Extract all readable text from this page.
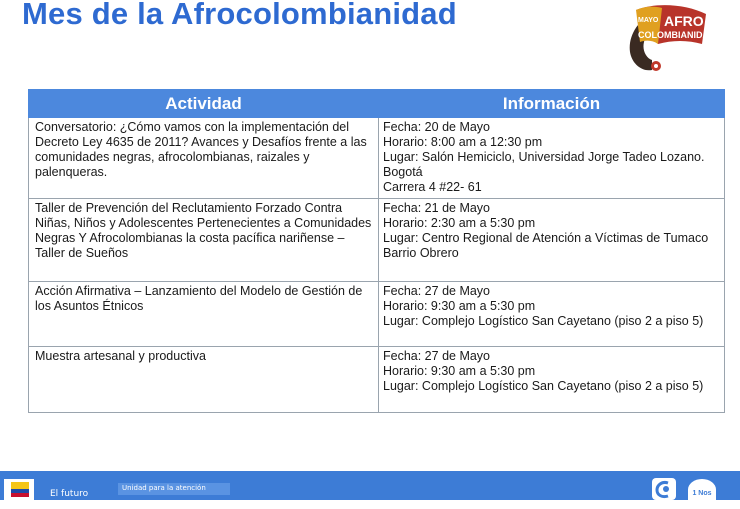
Mes de la Afrocolombianidad	MAYO AFRO
COLOMBIANIDAD
Actividad	Información
Conversatorio: ¿Cómo vamos con la implementación del Decreto Ley 4635 de 2011? Avances y Desafíos frente a las comunidades negras, afrocolombianas, raizales y palenqueras.	Fecha: 20 de Mayo
Horario: 8:00 am a 12:30 pm
Lugar: Salón Hemiciclo, Universidad Jorge Tadeo Lozano. Bogotá
Carrera 4 #22- 61

Taller de Prevención del Reclutamiento Forzado Contra Niñas, Niños y Adolescentes Pertenecientes a Comunidades Negras Y Afrocolombianas la costa pacífica nariñense – Taller de Sueños	Fecha: 21 de Mayo
Horario: 2:30 am a 5:30 pm
Lugar: Centro Regional de Atención a Víctimas de Tumaco
Barrio Obrero

Acción Afirmativa – Lanzamiento del Modelo de Gestión de los Asuntos Étnicos	Fecha: 27 de Mayo
Horario: 9:30 am a 5:30 pm
Lugar: Complejo Logístico San Cayetano (piso 2 a piso 5)

Muestra artesanal y productiva	Fecha: 27 de Mayo
Horario: 9:30 am a 5:30 pm
Lugar: Complejo Logístico San Cayetano (piso 2 a piso 5)
El futuro
Unidad para la atención
1 Nos
